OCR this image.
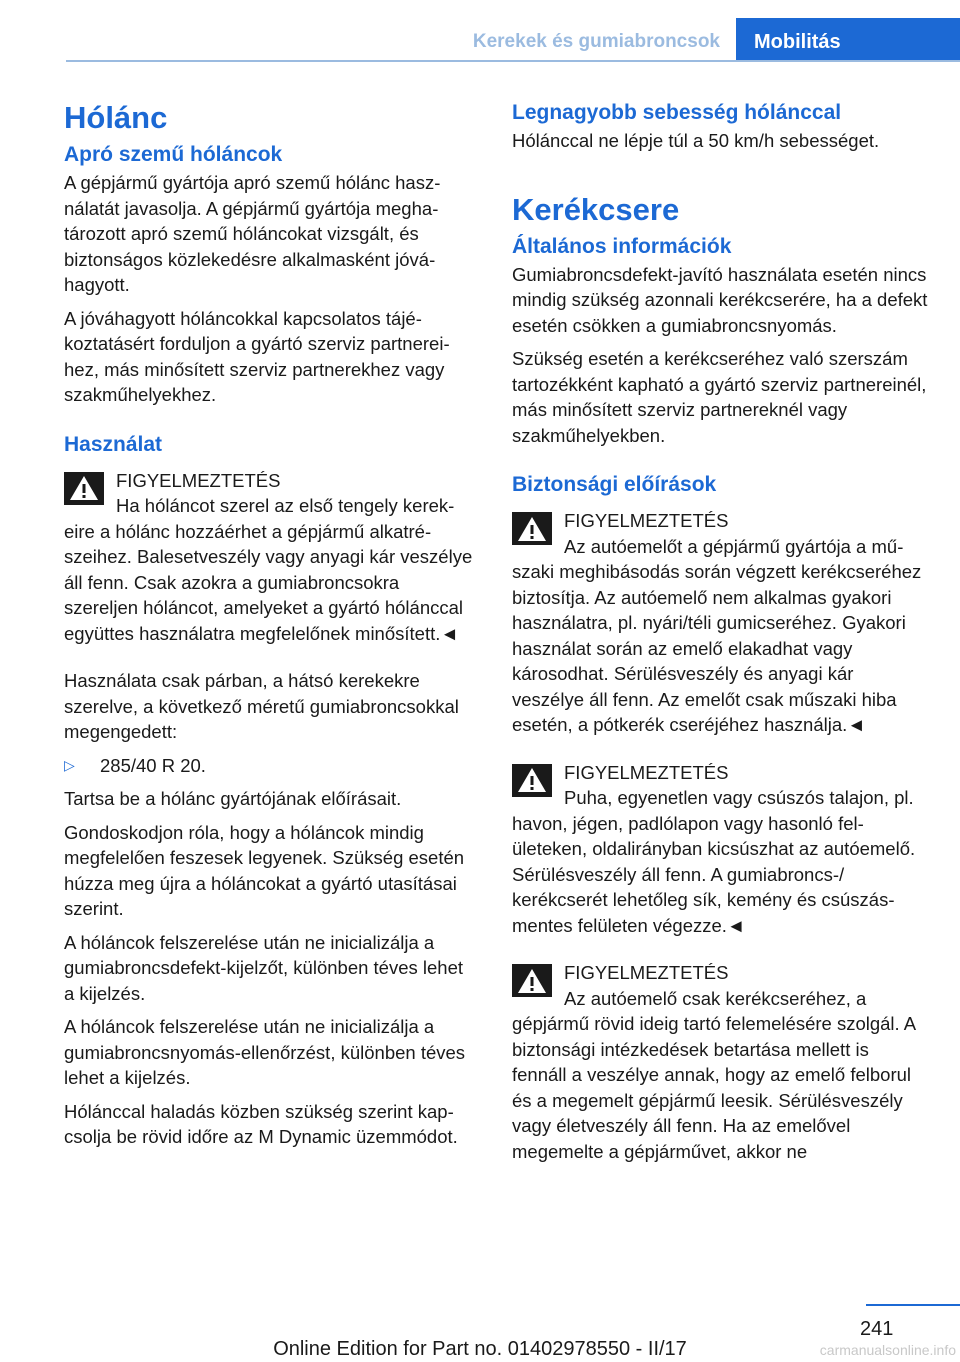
Kerekek és gumiabroncsok	Mobilitás
Hólánc
Apró szemű hóláncok

A gépjármű gyártója apró szemű hólánc használatát javasolja. A gépjármű gyártója meghatározott apró szemű hóláncokat vizsgált, és biztonságos közlekedésre alkalmasként jóváhagyott.

A jóváhagyott hóláncokkal kapcsolatos tájékoztatásért forduljon a gyártó szerviz partnereihez, más minősített szerviz partnerekhez vagy szakműhelyekhez.

Használat
FIGYELMEZTETÉS
Ha hóláncot szerel az első tengely kerekeire a hólánc hozzáérhet a gépjármű alkatrészeihez. Balesetveszély vagy anyagi kár veszélye áll fenn. Csak azokra a gumiabroncsokra szereljen hóláncot, amelyeket a gyártó hólánccal együttes használatra megfelelőnek minősített.◄

Használata csak párban, a hátsó kerekekre szerelve, a következő méretű gumiabroncsokkal megengedett:

▷ 285/40 R 20.

Tartsa be a hólánc gyártójának előírásait.

Gondoskodjon róla, hogy a hóláncok mindig megfelelően feszesek legyenek. Szükség esetén húzza meg újra a hóláncokat a gyártó utasításai szerint.

A hóláncok felszerelése után ne inicializálja a gumiabroncsdefekt-kijelzőt, különben téves lehet a kijelzés.

A hóláncok felszerelése után ne inicializálja a gumiabroncsnyomás-ellenőrzést, különben téves lehet a kijelzés.

Hólánccal haladás közben szükség szerint kapcsolja be rövid időre az M Dynamic üzemmódot.

Legnagyobb sebesség hólánccal

Hólánccal ne lépje túl a 50 km/h sebességet.

Kerékcsere
Általános információk

Gumiabroncsdefekt-javító használata esetén nincs mindig szükség azonnali kerékcserére, ha a defekt esetén csökken a gumiabroncsnyomás.

Szükség esetén a kerékcseréhez való szerszám tartozékként kapható a gyártó szerviz partnereinél, más minősített szerviz partnereknél vagy szakműhelyekben.

Biztonsági előírások
FIGYELMEZTETÉS
Az autóemelőt a gépjármű gyártója a műszaki meghibásodás során végzett kerékcseréhez biztosítja. Az autóemelő nem alkalmas gyakori használatra, pl. nyári/téli gumicseréhez. Gyakori használat során az emelő elakadhat vagy károsodhat. Sérülésveszély és anyagi kár veszélye áll fenn. Az emelőt csak műszaki hiba esetén, a pótkerék cseréjéhez használja.◄
FIGYELMEZTETÉS
Puha, egyenetlen vagy csúszós talajon, pl. havon, jégen, padlólapon vagy hasonló felületeken, oldalirányban kicsúszhat az autóemelő. Sérülésveszély áll fenn. A gumiabroncs-/ kerékcserét lehetőleg sík, kemény és csúszásmentes felületen végezze.◄
FIGYELMEZTETÉS
Az autóemelő csak kerékcseréhez, a gépjármű rövid ideig tartó felemelésére szolgál. A biztonsági intézkedések betartása mellett is fennáll a veszélye annak, hogy az emelő felborul és a megemelt gépjármű leesik. Sérülésveszély vagy életveszély áll fenn. Ha az emelővel megemelte a gépjárművet, akkor ne
241
Online Edition for Part no. 01402978550 - II/17	carmanualsonline.info
